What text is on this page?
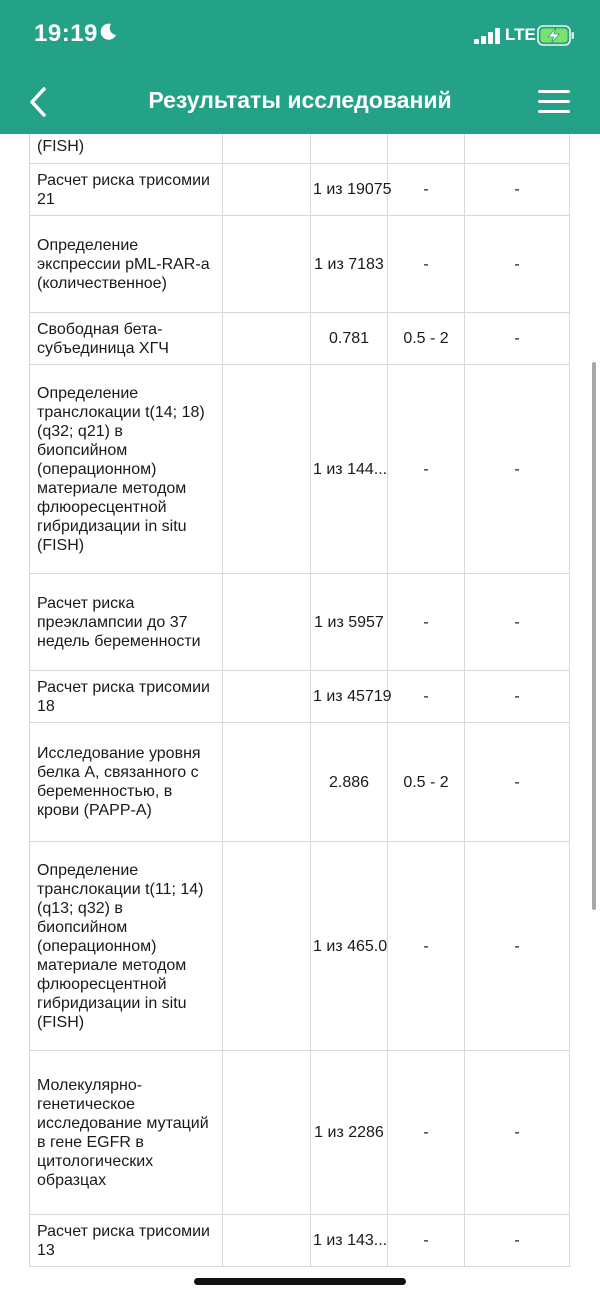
19:19	LTE
Результаты исследований
(FISH)				
Расчет риска трисомии 21		1 из 19075	-	-
Определение экспрессии pML-RAR-a (количественное)		1 из 7183	-	-
Свободная бета-субъединица ХГЧ		0.781	0.5 - 2	-
Определение транслокации t(14; 18) (q32; q21) в биопсийном (операционном) материале методом флюоресцентной гибридизации in situ (FISH)		1 из 144...	-	-
Расчет риска преэклампсии до 37 недель беременности		1 из 5957	-	-
Расчет риска трисомии 18		1 из 45719	-	-
Исследование уровня белка А, связанного с беременностью, в крови (PAPP-A)		2.886	0.5 - 2	-
Определение транслокации t(11; 14) (q13; q32) в биопсийном (операционном) материале методом флюоресцентной гибридизации in situ (FISH)		1 из 465.0	-	-
Молекулярно-генетическое исследование мутаций в гене EGFR в цитологических образцах		1 из 2286	-	-
Расчет риска трисомии 13		1 из 143...	-	-
